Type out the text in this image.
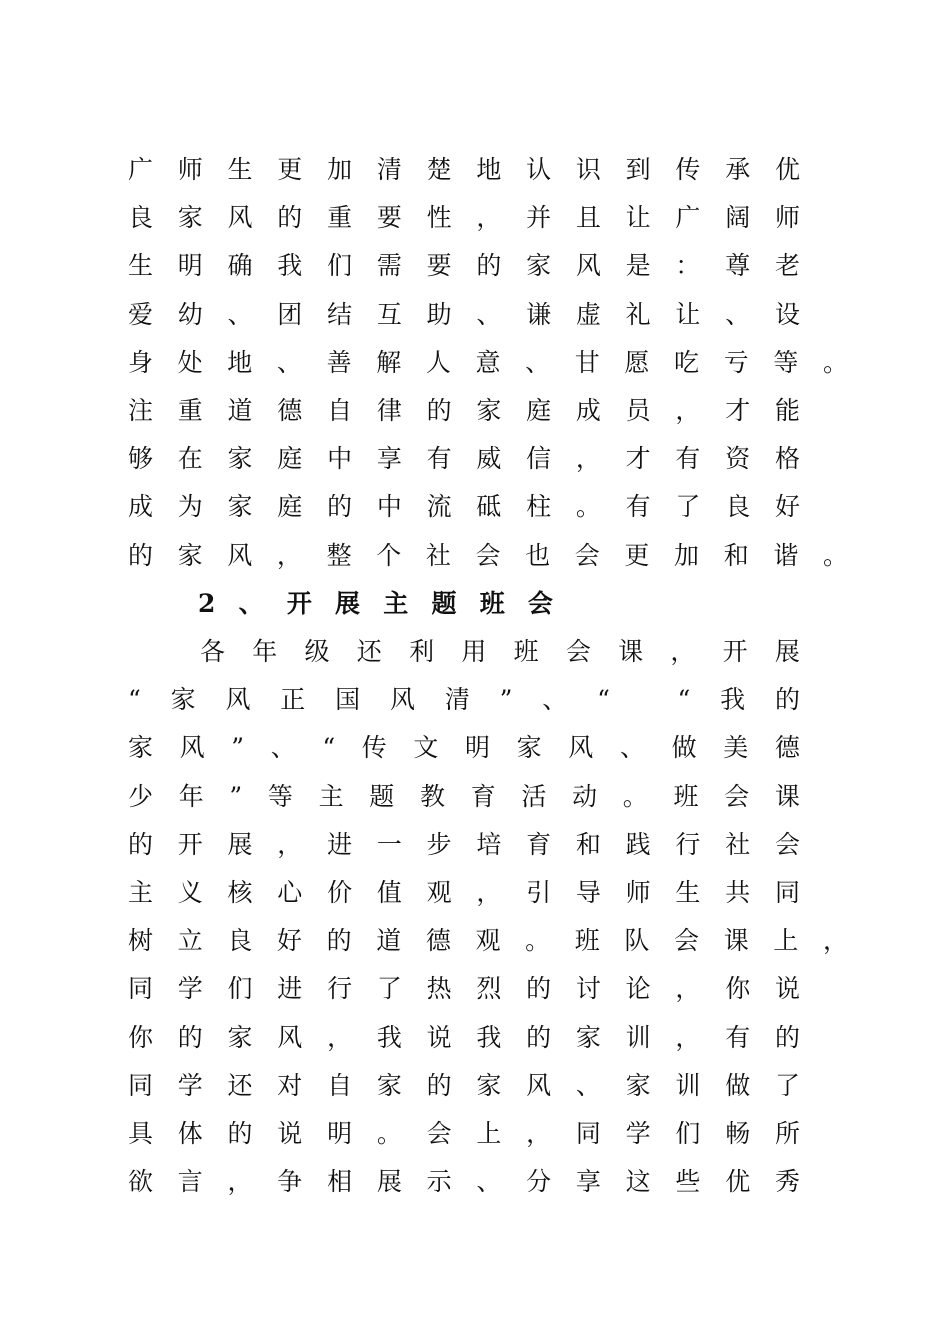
广 师 生 更 加 清 楚 地 认 识 到 传 承 优
良 家 风 的 重 要 性 ， 并 且 让 广 阔 师
生 明 确 我 们 需 要 的 家 风 是 ： 尊 老
爱 幼 、 团 结 互 助 、 谦 虚 礼 让 、 设
身 处 地 、 善 解 人 意 、 甘 愿 吃 亏 等 。
注 重 道 德 自 律 的 家 庭 成 员 ， 才 能
够 在 家 庭 中 享 有 威 信 ， 才 有 资 格
成 为 家 庭 的 中 流 砥 柱 。 有 了 良 好
的 家 风 ， 整 个 社 会 也 会 更 加 和 谐 。
2 、 开 展 主 题 班 会
各 年 级 还 利 用 班 会 课 ， 开 展
“ 家 风 正 国 风 清 ” 、 “
	“ 我 的
家 风 ” 、 “ 传 文 明 家 风 、 做 美 德
少 年 ” 等 主 题 教 育 活 动 。 班 会 课
的 开 展 ， 进 一 步 培 育 和 践 行 社 会
主 义 核 心 价 值 观 ， 引 导 师 生 共 同
树 立 良 好 的 道 德 观 。 班 队 会 课 上 ，
同 学 们 进 行 了 热 烈 的 讨 论 ， 你 说
你 的 家 风 ， 我 说 我 的 家 训 ， 有 的
同 学 还 对 自 家 的 家 风 、 家 训 做 了
具 体 的 说 明 。 会 上 ， 同 学 们 畅 所
欲 言 ， 争 相 展 示 、 分 享 这 些 优 秀
